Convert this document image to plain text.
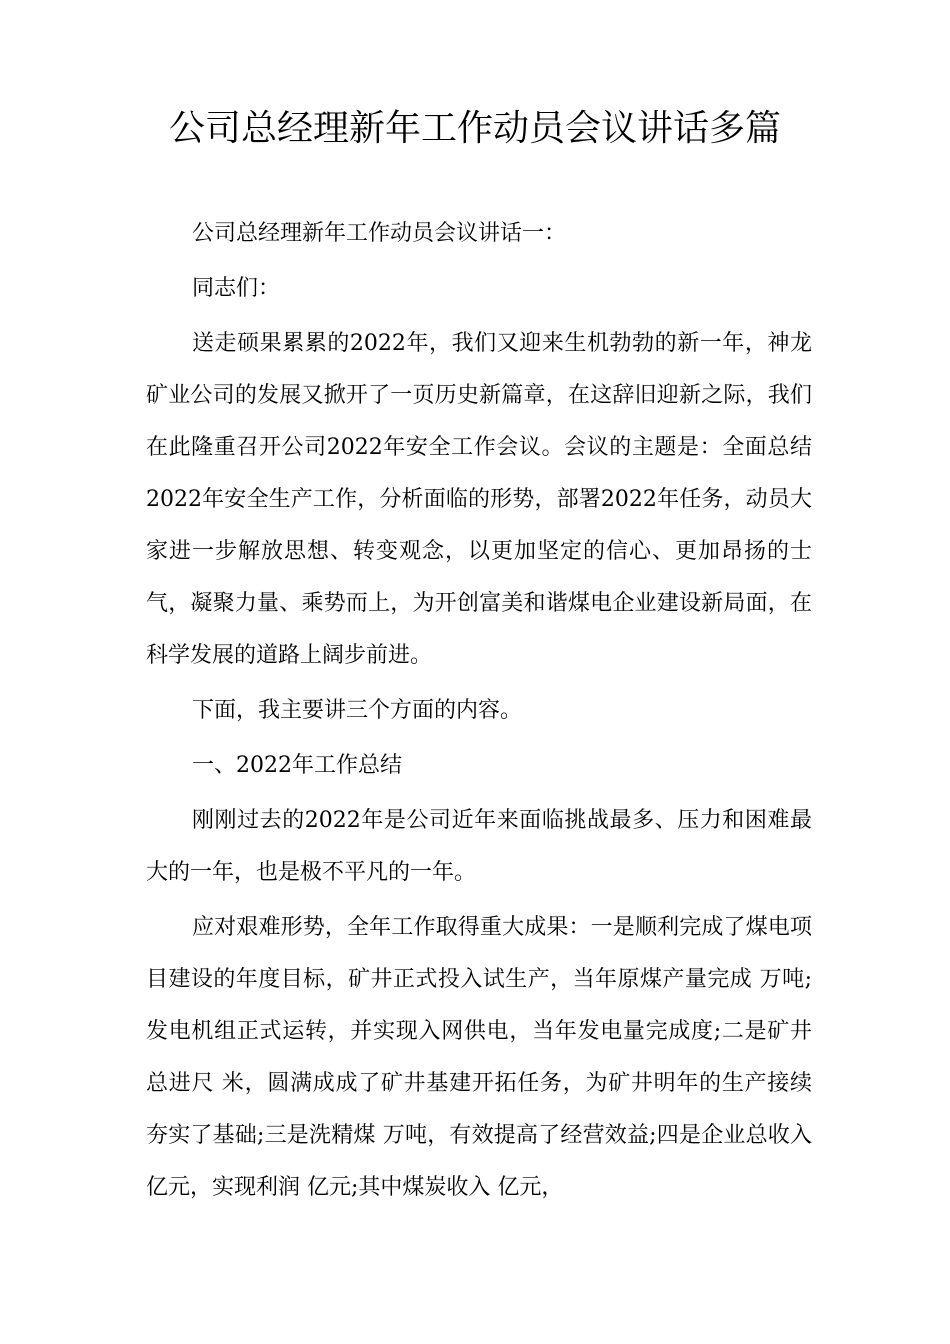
公司总经理新年工作动员会议讲话多篇

公司总经理新年工作动员会议讲话一：

同志们：

送走硕果累累的2022年，我们又迎来生机勃勃的新一年，神龙矿业公司的发展又掀开了一页历史新篇章，在这辞旧迎新之际，我们在此隆重召开公司2022年安全工作会议。会议的主题是：全面总结2022年安全生产工作，分析面临的形势，部署2022年任务，动员大家进一步解放思想、转变观念，以更加坚定的信心、更加昂扬的士气，凝聚力量、乘势而上，为开创富美和谐煤电企业建设新局面，在科学发展的道路上阔步前进。

下面，我主要讲三个方面的内容。

一、2022年工作总结

刚刚过去的2022年是公司近年来面临挑战最多、压力和困难最大的一年，也是极不平凡的一年。

应对艰难形势，全年工作取得重大成果：一是顺利完成了煤电项目建设的年度目标，矿井正式投入试生产，当年原煤产量完成 万吨;发电机组正式运转，并实现入网供电，当年发电量完成度;二是矿井总进尺 米，圆满成成了矿井基建开拓任务，为矿井明年的生产接续夯实了基础;三是洗精煤 万吨，有效提高了经营效益;四是企业总收入 亿元，实现利润 亿元;其中煤炭收入 亿元，
